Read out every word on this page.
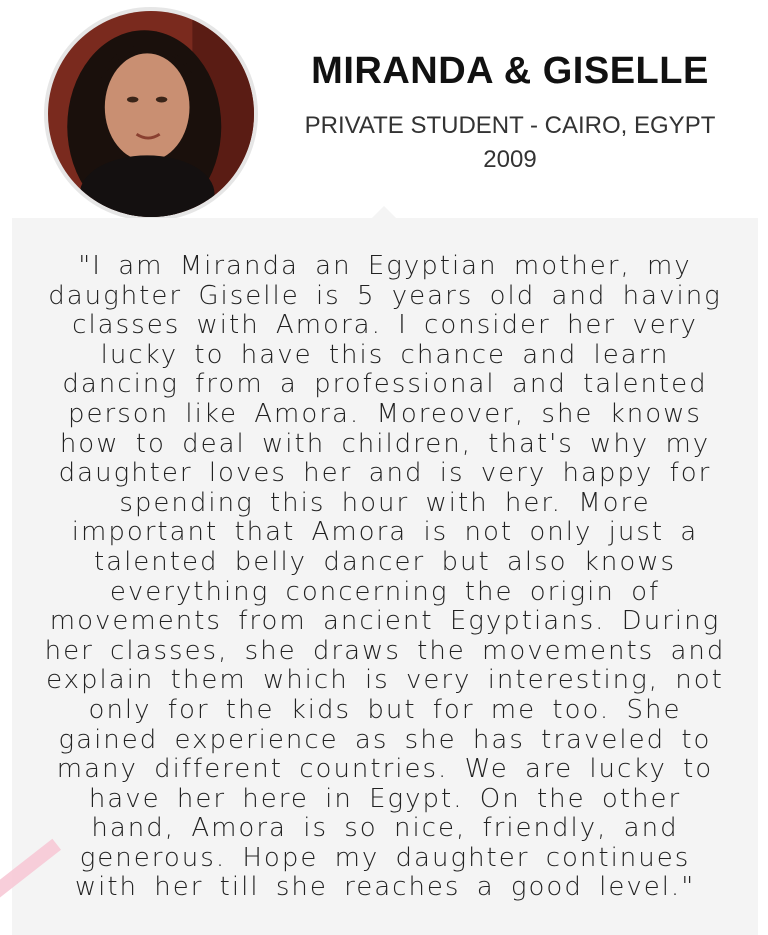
MIRANDA & GISELLE
PRIVATE STUDENT - CAIRO, EGYPT
2009
"I am Miranda an Egyptian mother, my daughter Giselle is 5 years old and having classes with Amora. I consider her very lucky to have this chance and learn dancing from a professional and talented person like Amora. Moreover, she knows how to deal with children, that's why my daughter loves her and is very happy for spending this hour with her. More important that Amora is not only just a talented belly dancer but also knows everything concerning the origin of movements from ancient Egyptians. During her classes, she draws the movements and explain them which is very interesting, not only for the kids but for me too. She gained experience as she has traveled to many different countries. We are lucky to have her here in Egypt. On the other hand, Amora is so nice, friendly, and generous. Hope my daughter continues with her till she reaches a good level."
